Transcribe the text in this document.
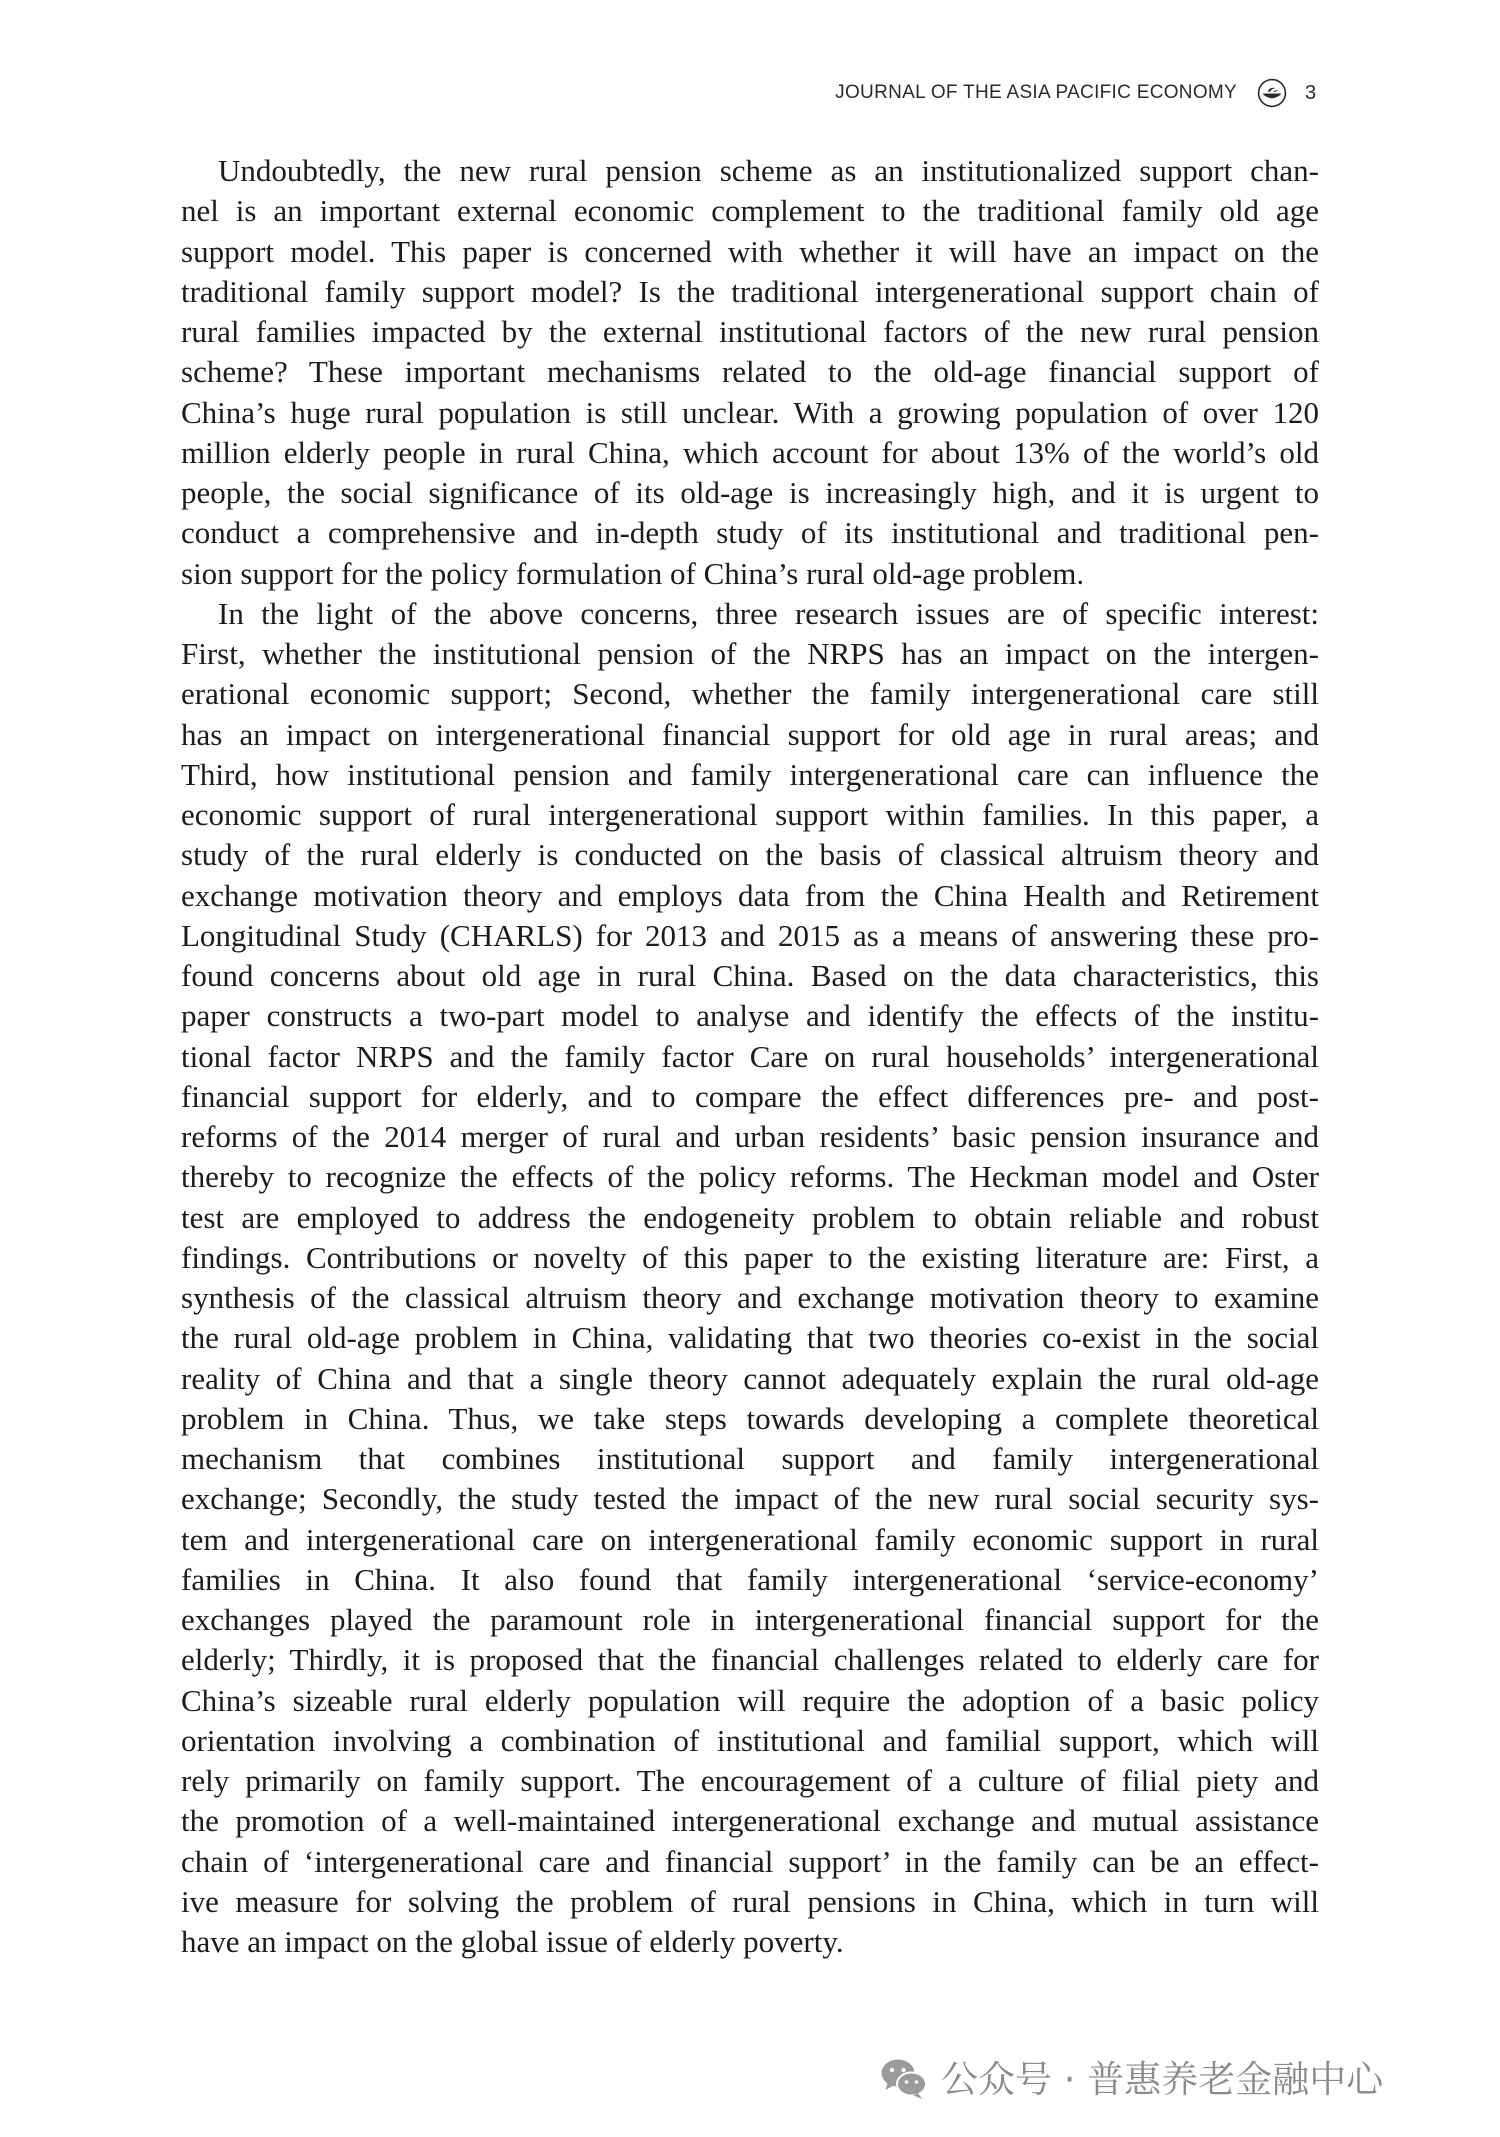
JOURNAL OF THE ASIA PACIFIC ECONOMY	3
Undoubtedly, the new rural pension scheme as an institutionalized support chan-
nel is an important external economic complement to the traditional family old age
support model. This paper is concerned with whether it will have an impact on the
traditional family support model? Is the traditional intergenerational support chain of
rural families impacted by the external institutional factors of the new rural pension
scheme? These important mechanisms related to the old-age financial support of
China’s huge rural population is still unclear. With a growing population of over 120
million elderly people in rural China, which account for about 13% of the world’s old
people, the social significance of its old-age is increasingly high, and it is urgent to
conduct a comprehensive and in-depth study of its institutional and traditional pen-
sion support for the policy formulation of China’s rural old-age problem.
In the light of the above concerns, three research issues are of specific interest:
First, whether the institutional pension of the NRPS has an impact on the intergen-
erational economic support; Second, whether the family intergenerational care still
has an impact on intergenerational financial support for old age in rural areas; and
Third, how institutional pension and family intergenerational care can influence the
economic support of rural intergenerational support within families. In this paper, a
study of the rural elderly is conducted on the basis of classical altruism theory and
exchange motivation theory and employs data from the China Health and Retirement
Longitudinal Study (CHARLS) for 2013 and 2015 as a means of answering these pro-
found concerns about old age in rural China. Based on the data characteristics, this
paper constructs a two-part model to analyse and identify the effects of the institu-
tional factor NRPS and the family factor Care on rural households’ intergenerational
financial support for elderly, and to compare the effect differences pre- and post-
reforms of the 2014 merger of rural and urban residents’ basic pension insurance and
thereby to recognize the effects of the policy reforms. The Heckman model and Oster
test are employed to address the endogeneity problem to obtain reliable and robust
findings. Contributions or novelty of this paper to the existing literature are: First, a
synthesis of the classical altruism theory and exchange motivation theory to examine
the rural old-age problem in China, validating that two theories co-exist in the social
reality of China and that a single theory cannot adequately explain the rural old-age
problem in China. Thus, we take steps towards developing a complete theoretical
mechanism that combines institutional support and family intergenerational
exchange; Secondly, the study tested the impact of the new rural social security sys-
tem and intergenerational care on intergenerational family economic support in rural
families in China. It also found that family intergenerational ‘service-economy’
exchanges played the paramount role in intergenerational financial support for the
elderly; Thirdly, it is proposed that the financial challenges related to elderly care for
China’s sizeable rural elderly population will require the adoption of a basic policy
orientation involving a combination of institutional and familial support, which will
rely primarily on family support. The encouragement of a culture of filial piety and
the promotion of a well-maintained intergenerational exchange and mutual assistance
chain of ‘intergenerational care and financial support’ in the family can be an effect-
ive measure for solving the problem of rural pensions in China, which in turn will
have an impact on the global issue of elderly poverty.
公众号 · 普惠养老金融中心
